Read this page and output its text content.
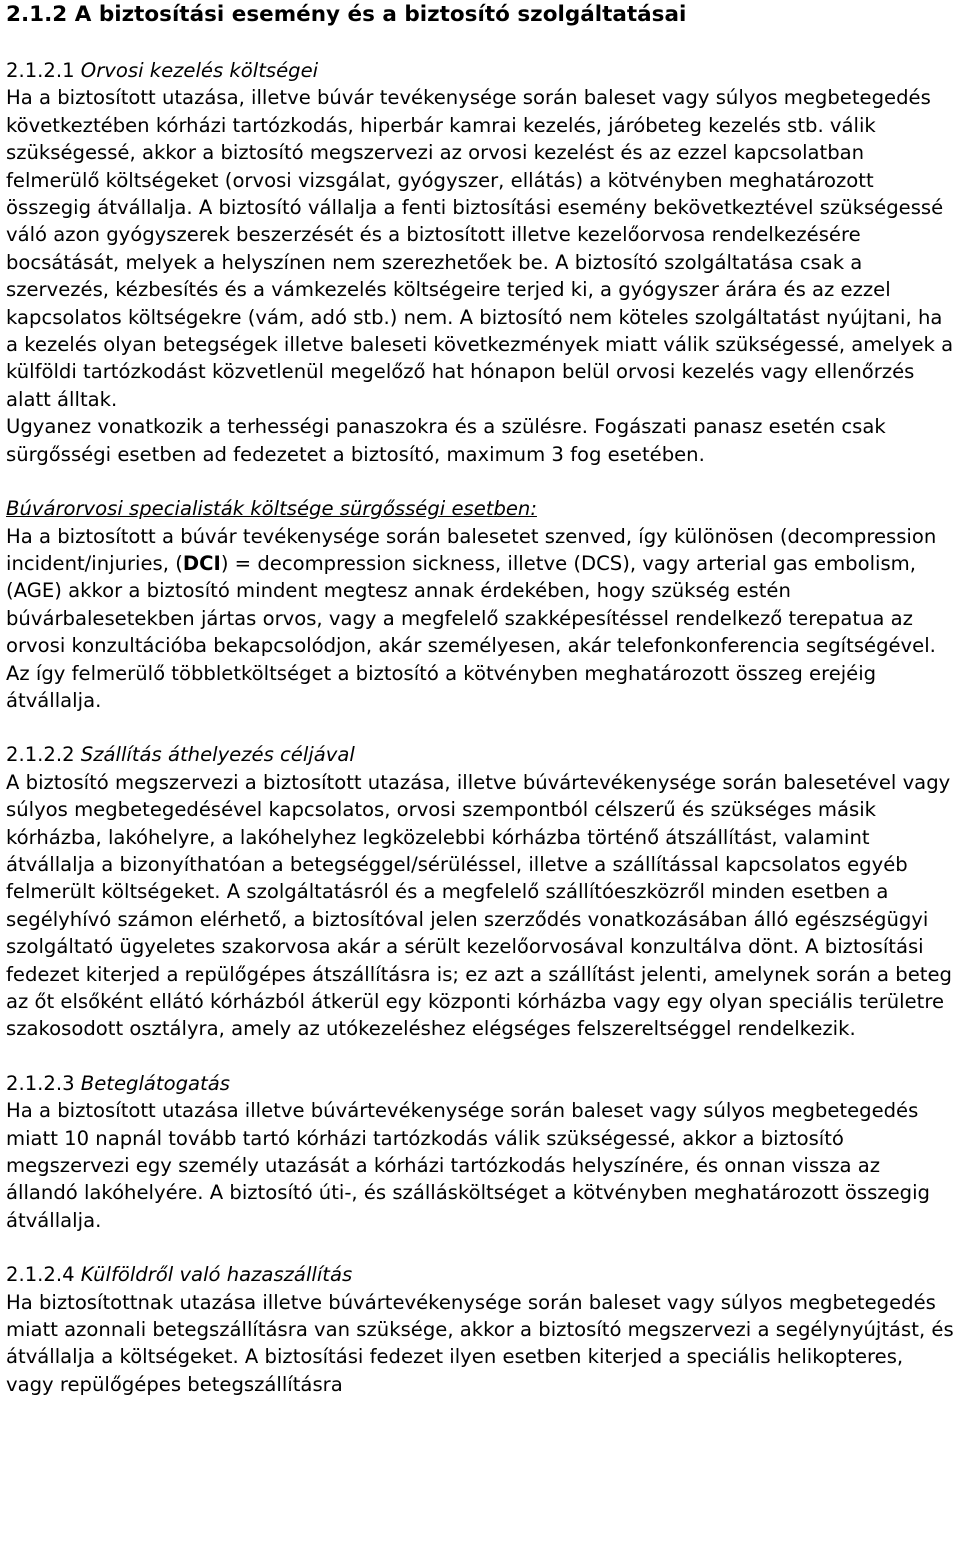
2.1.2 A biztosítási esemény és a biztosító szolgáltatásai
2.1.2.1 Orvosi kezelés költségei

Ha a biztosított utazása, illetve búvár tevékenysége során baleset vagy súlyos megbetegedés következtében kórházi tartózkodás, hiperbár kamrai kezelés, járóbeteg kezelés stb. válik szükségessé, akkor a biztosító megszervezi az orvosi kezelést és az ezzel kapcsolatban felmerülő költségeket (orvosi vizsgálat, gyógyszer, ellátás) a kötvényben meghatározott összegig átvállalja. A biztosító vállalja a fenti biztosítási esemény bekövetkeztével szükségessé váló azon gyógyszerek beszerzését és a biztosított illetve kezelőorvosa rendelkezésére bocsátását, melyek a helyszínen nem szerezhetőek be. A biztosító szolgáltatása csak a szervezés, kézbesítés és a vámkezelés költségeire terjed ki, a gyógyszer árára és az ezzel kapcsolatos költségekre (vám, adó stb.) nem. A biztosító nem köteles szolgáltatást nyújtani, ha a kezelés olyan betegségek illetve baleseti következmények miatt válik szükségessé, amelyek a külföldi tartózkodást közvetlenül megelőző hat hónapon belül orvosi kezelés vagy ellenőrzés alatt álltak.

Ugyanez vonatkozik a terhességi panaszokra és a szülésre. Fogászati panasz esetén csak sürgősségi esetben ad fedezetet a biztosító, maximum 3 fog esetében.

Búvárorvosi specialisták költsége sürgősségi esetben:

Ha a biztosított a búvár tevékenysége során balesetet szenved, így különösen (decompression incident/injuries, (DCI) = decompression sickness, illetve (DCS), vagy arterial gas embolism, (AGE) akkor a biztosító mindent megtesz annak érdekében, hogy szükség estén búvárbalesetekben jártas orvos, vagy a megfelelő szakképesítéssel rendelkező terepatua az orvosi konzultációba bekapcsolódjon, akár személyesen, akár telefonkonferencia segítségével. Az így felmerülő többletköltséget a biztosító a kötvényben meghatározott összeg erejéig átvállalja.

2.1.2.2 Szállítás áthelyezés céljával

A biztosító megszervezi a biztosított utazása, illetve búvártevékenysége során balesetével vagy súlyos megbetegedésével kapcsolatos, orvosi szempontból célszerű és szükséges másik kórházba, lakóhelyre, a lakóhelyhez legközelebbi kórházba történő átszállítást, valamint átvállalja a bizonyíthatóan a betegséggel/sérüléssel, illetve a szállítással kapcsolatos egyéb felmerült költségeket. A szolgáltatásról és a megfelelő szállítóeszközről minden esetben a segélyhívó számon elérhető, a biztosítóval jelen szerződés vonatkozásában álló egészségügyi szolgáltató ügyeletes szakorvosa akár a sérült kezelőorvosával konzultálva dönt. A biztosítási fedezet kiterjed a repülőgépes átszállításra is; ez azt a szállítást jelenti, amelynek során a beteg az őt elsőként ellátó kórházból átkerül egy központi kórházba vagy egy olyan speciális területre szakosodott osztályra, amely az utókezeléshez elégséges felszereltséggel rendelkezik.

2.1.2.3 Beteglátogatás

Ha a biztosított utazása illetve búvártevékenysége során baleset vagy súlyos megbetegedés miatt 10 napnál tovább tartó kórházi tartózkodás válik szükségessé, akkor a biztosító megszervezi egy személy utazását a kórházi tartózkodás helyszínére, és onnan vissza az állandó lakóhelyére. A biztosító úti-, és szállásköltséget a kötvényben meghatározott összegig átvállalja.

2.1.2.4 Külföldről való hazaszállítás

Ha biztosítottnak utazása illetve búvártevékenysége során baleset vagy súlyos megbetegedés miatt azonnali betegszállításra van szüksége, akkor a biztosító megszervezi a segélynyújtást, és átvállalja a költségeket. A biztosítási fedezet ilyen esetben kiterjed a speciális helikopteres, vagy repülőgépes betegszállításra
